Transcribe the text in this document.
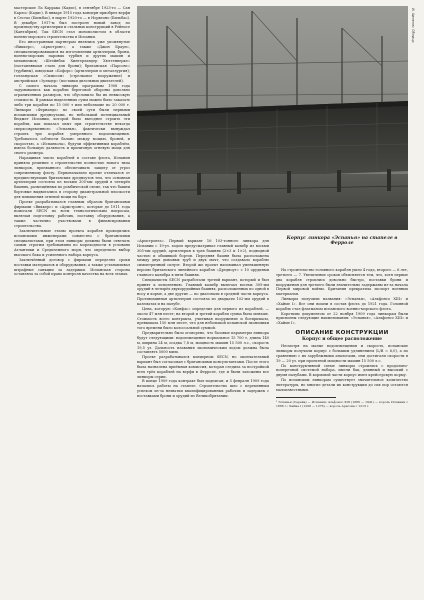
И. Хименес Облицо
Корпус линкора «Эспанья» на стапеле в Ферроле

мастерские Ла Каррака (Кадис), в сентябре 1923-го — Сан Карлос (Кадис). В январе 1915 года концерн приобрел верфи в Сестао (Бильбао), в марте 1920-го — в Норвеоно (Бильбао). В декабре 1917-м был построен новый завод по производству артиллерии и стальных конструкций в Рейносе (Кантабрия). Так SECN стал монополистом в области военно-морского строительства в Испании.

Его иностранным партнерам являлись уже упомянутые «Виккерс», «Армстронг», а также «Джон Браун», специализировавшаяся на изготовлении артиллерии, брони, военно-морских паровых турбин и других машин и механизмов; «Штейнбах Хинтерландер Хюттенверке» (поставлявшая сталь для брони); британская «Парсонс» (турбины), шведская «Бофорс» (артиллерия и металлургия); голландская «Симпсон» (стрелковое вооружение) и австрийская «Зульцер» (поставки дизельных двигателей).

С самого начала линкоры программы 1908 года задумывались как корабли береговой обороны довольно ограниченных размеров, что обусловило бы их невысокую стоимость. В рамках выделенных сумм можно было заказать либо три корабля по 15 000 т или небольшие по 20 000 т. Линкоры «Фернандо» по своей сути были первыми испанскими дредноутами, но небольшой потенциальный бюджет Испании, которой было выгоднее строить эти корабли, как показал опыт при строительстве некогда сверхсовременного «Эспанья», фактически вынуждал строить три корабля умеренного водоизмещения. Требовалось соблюсти баланс между мощью, броней, и скоростью, а «Испаньола», будучи эффективным кораблём, имела большую дальность и приличную огневую мощь для своего размера.

Наращивая число кораблей в составе флота, Испания приняла решение о строительстве полностью нового типа линкоров, призванного обеспечивать защиту от угроз современному флоту. Первоначально проект отличался от предшествующих британских дредноутов тем, что основная артиллерия состояла из восьми 305-мм орудий в четырёх башнях, размещённых по ромбической схеме, так что башни бортовые выдвигались в сторону диаметральной плоскости для повышения огневой мощи на борт.

Проект разрабатывался главным образом британскими фирмами «Виккерс» и «Армстронг», которые до 1911 года помогали SECN по всем технологическим вопросам, включая подготовку рабочих, поставку оборудования, а также частично участвовали в финансировании строительства.

Заключительные этапы проекта корабля проводились испанскими инженерами совместно с британскими специалистами, при этом линкоры должны были отвечать самым строгим требованиям по мореходности в условиях Атлантики и Средиземного моря, что определило выбор высокого бака и усиленного набора корпуса.

Заключённый договор с фирмами определял сроки поставки материалов и оборудования, а также устанавливал штрафные санкции за задержки. Испанская сторона оставляла за собой право контроля качества на всех этапах.

«Армстронга». Первый вариант 16 103-тонного линкора для Испании с 19-уз. ходом предусматривал главный калибр из восьми 305-мм орудий, артиллерия в трех башнях (2×3 и 1×2), подводной частью и обшивкой бортов. Передняя башня была расположена между двух дымовых труб и двух мачт, что создавало кораблю симметричный силуэт. Второй же проект напоминал уменьшенную версию британского линейного корабля «Дредноут» с 10 орудиями главного калибра в пяти башнях.

Специалисты SECN разработали третий вариант, который и был принят к исполнению. Главный калибр включал восемь 305-мм орудий в четырёх двухорудийных башнях, расположенных по одной в носу и корме, а две другие — по диагонали в средней части корпуса. Противоминная артиллерия состояла из двадцати 102-мм орудий в казематах и на палубе.

Цена, которую «Конфас» определил для первого из кораблей, — около 47 млн песет; на второй и третий корабли сумма была меньше. Стоимость всего контракта, учитывая вооружение и боеприпасы, превышала 150 млн песет, что для небольшой испанской экономики того времени было колоссальной суммой.

Предварительно было оговорено, что базовые параметры линкора будут следующими: водоизмещение нормальное 15 700 т, длина 140 м, ширина 24 м, осадка 7,8 м, мощность машин 15 500 л.с., скорость 19,5 уз. Дальность плавания экономическим ходом должна была составлять 5000 миль.

Проект разрабатывался концерном SECN, но окончательный вариант был согласован с британскими консультантами. После этого была назначена приёмная комиссия, которая следила за постройкой всех трёх кораблей на верфи в Ферроле, где и были заложены все линкоры серии.

В конце 1909 года контракт был подписан, и 5 февраля 1909 года начались работы на стапеле. Строительство шло с переменным успехом из-за нехватки квалифицированных рабочих и задержек с поставками брони и орудий из Великобритании.

На строительство головного корабля ушло 4 года, второго — 6 лет, третьего — 7. Увеличение сроков объясняется тем, что, хотя первые два корабля строились довольно быстро, поставки брони и вооружения для третьего были значительно задержаны из-за начала Первой мировой войны. Британия прекратила экспорт военных материалов.

Линкоры получили названия: «Эспанья», «Альфонсо XIII» и «Хайме I». Все они вошли в состав флота до 1921 года. Головной корабль стал флагманом испанского военно-морского флота.

Коротким документом от 22 ноября 1909 года линкорам были присвоены следующие наименования: «Эспанья», «Альфонсо XIII» и «Хайме I».

ОПИСАНИЕ КОНСТРУКЦИИ
Корпус и общее расположение

Несмотря на малые водоизмещения и скорость, испанские линкоры получили корпус с большим удлинением (L/B = 6,0), а по сравнению с их зарубежными аналогами, они достигали скорости в 19 — 20 уз. при проектной мощности машин 15 500 л.с.

По конструктивной схеме линкоры строились с продольно-поперечной системой набора, имели бак, длинный и высокий с двумя палубами. В кормовой части корпус имел крейсерскую корму.

По испанским линкорам существует значительное количество литературы, но многие детали их конструкции до сих пор остаются малоизвестными.

¹ Эспанья (Серейа) — Испания; Альфонсо XIII (1886 — 1941) — король Испании с 1886 г.; Хайме I (1208 — 1276) — король Арагона с 1213 г.
